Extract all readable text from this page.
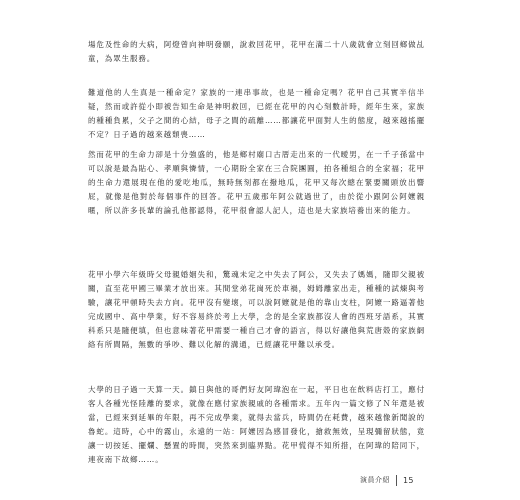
場危及性命的大病，阿燈曾向神明發願，說救回花甲，花甲在滿二十八歲就會立刻回鄉做乩童，為眾生服務。

難道他的人生真是一種命定？家族的一連串事故，也是一種命定嗎？花甲自己其實半信半疑，然而或許從小即被告知生命是神明救回，已經在花甲的內心刻數計時，經年生來，家族的種種負累，父子之間的心結，母子之間的疏離……都讓花甲面對人生的態度，越來越搖擺不定？日子過的越來越頹喪……

然而花甲的生命力卻是十分強盛的，他是鄉村廟口古厝走出來的一代曖男，在一千子孫當中可以說是最為貼心、孝順與憐情，一心期盼全家在三合院團圓，拍各種組合的全家福；花甲的生命力還展現在他的愛吃地瓜，無時無刻都在撥地瓜，花甲又每次總在緊要關頭放出響屁，就像是他對於每個事件的回答。花甲五歲那年阿公就過世了，由於從小跟阿公阿嬤親暱，所以許多長輩的論孔他都認得，花甲很會認人記人，這也是大家族培養出來的能力。

花甲小學六年級時父母親婚姻失和，驚魂未定之中失去了阿公，又失去了媽媽，隨即父親被關，直至花甲國三畢業才放出來。其間堂弟花崗死於車禍，姆姆離家出走，種種的試煉與考驗，讓花甲頓時失去方向。花甲沒有變壞，可以說阿嬤就是他的靠山支柱，阿嬤一路逼著他完成國中、高中學業，好不容易終於考上大學，念的是全家族都沒人會的西班牙語系，其實科系只是隨便填，但也意味著花甲需要一種自己才會的語言，得以好讓他與荒唐殼的家族網絡有所間隔，無數的爭吵、難以化解的溝通，已經讓花甲難以承受。

大學的日子過一天算一天。鎮日與他的哥們好友阿瑋泡在一起，平日也在飲料店打工，應付客人各種光怪陸離的要求，就像在應付家族親戚的各種需求。五年內一篇文修了Ｎ年還是被當，已經來到延畢的年限，再不完成學業，就得去當兵，時間仍在耗費，越來越像新聞說的魯蛇。這時，心中的霧山，永遠的一站：阿嬤因為感冒發化，搶救無效，呈現彌留狀態，竟讓一切按延、擺爛、懸置的時間，突然來到臨界點。花甲慌得不知所措，在阿瑋的陪同下，連夜南下故鄉……。

演員介紹 15
